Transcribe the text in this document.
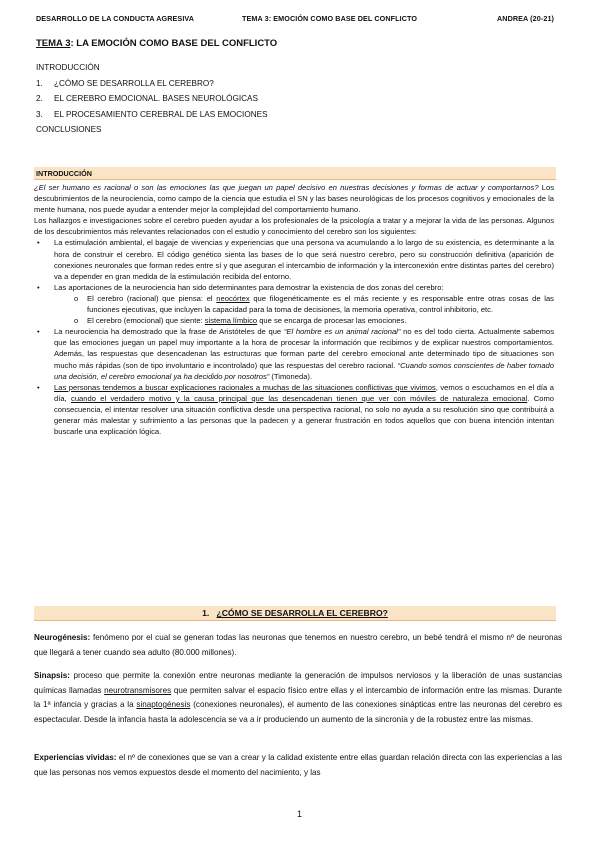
DESARROLLO DE LA CONDUCTA AGRESIVA	TEMA 3: EMOCIÓN COMO BASE DEL CONFLICTO	ANDREA (20-21)
TEMA 3: LA EMOCIÓN COMO BASE DEL CONFLICTO
INTRODUCCIÓN
1. ¿CÓMO SE DESARROLLA EL CEREBRO?
2. EL CEREBRO EMOCIONAL. BASES NEUROLÓGICAS
3. EL PROCESAMIENTO CEREBRAL DE LAS EMOCIONES
CONCLUSIONES
INTRODUCCIÓN

¿El ser humano es racional o son las emociones las que juegan un papel decisivo en nuestras decisiones y formas de actuar y comportarnos? Los descubrimientos de la neurociencia, como campo de la ciencia que estudia el SN y las bases neurológicas de los procesos cognitivos y emocionales de la mente humana, nos puede ayudar a entender mejor la complejidad del comportamiento humano.

Los hallazgos e investigaciones sobre el cerebro pueden ayudar a los profesionales de la psicología a tratar y a mejorar la vida de las personas. Algunos de los descubrimientos más relevantes relacionados con el estudio y conocimiento del cerebro son los siguientes:

• La estimulación ambiental, el bagaje de vivencias y experiencias que una persona va acumulando a lo largo de su existencia, es determinante a la hora de construir el cerebro. El código genético sienta las bases de lo que será nuestro cerebro, pero su construcción definitiva (aparición de conexiones neuronales que forman redes entre sí y que aseguran el intercambio de información y la interconexión entre distintas partes del cerebro) va a depender en gran medida de la estimulación recibida del entorno.
• Las aportaciones de la neurociencia han sido determinantes para demostrar la existencia de dos zonas del cerebro:
o El cerebro (racional) que piensa: el neocórtex que filogenéticamente es el más reciente y es responsable entre otras cosas de las funciones ejecutivas, que incluyen la capacidad para la toma de decisiones, la memoria operativa, control inhibitorio, etc.
o El cerebro (emocional) que siente: sistema límbico que se encarga de procesar las emociones.
• La neurociencia ha demostrado que la frase de Aristóteles de que “El hombre es un animal racional” no es del todo cierta. Actualmente sabemos que las emociones juegan un papel muy importante a la hora de procesar la información que recibimos y de explicar nuestros comportamientos. Además, las respuestas que desencadenan las estructuras que forman parte del cerebro emocional ante determinado tipo de situaciones son mucho más rápidas (son de tipo involuntario e incontrolado) que las respuestas del cerebro racional. “Cuando somos conscientes de haber tomado una decisión, el cerebro emocional ya ha decidido por nosotros” (Timoneda).
• Las personas tendemos a buscar explicaciones racionales a muchas de las situaciones conflictivas que vivimos, vemos o escuchamos en el día a día, cuando el verdadero motivo y la causa principal que las desencadenan tienen que ver con móviles de naturaleza emocional. Como consecuencia, el intentar resolver una situación conflictiva desde una perspectiva racional, no solo no ayuda a su resolución sino que contribuirá a generar más malestar y sufrimiento a las personas que la padecen y a generar frustración en todos aquellos que con buena intención intentan buscarle una explicación lógica.
1. ¿CÓMO SE DESARROLLA EL CEREBRO?

Neurogénesis: fenómeno por el cual se generan todas las neuronas que tenemos en nuestro cerebro, un bebé tendrá el mismo nº de neuronas que llegará a tener cuando sea adulto (80.000 millones).

Sinapsis: proceso que permite la conexión entre neuronas mediante la generación de impulsos nerviosos y la liberación de unas sustancias químicas llamadas neurotransmisores que permiten salvar el espacio físico entre ellas y el intercambio de información entre las mismas. Durante la 1ª infancia y gracias a la sinaptogénesis (conexiones neuronales), el aumento de las conexiones sinápticas entre las neuronas del cerebro es espectacular. Desde la infancia hasta la adolescencia se va a ir produciendo un aumento de la sincronía y de la robustez entre las mismas.

Experiencias vividas: el nº de conexiones que se van a crear y la calidad existente entre ellas guardan relación directa con las experiencias a las que las personas nos vemos expuestos desde el momento del nacimiento, y las

1
